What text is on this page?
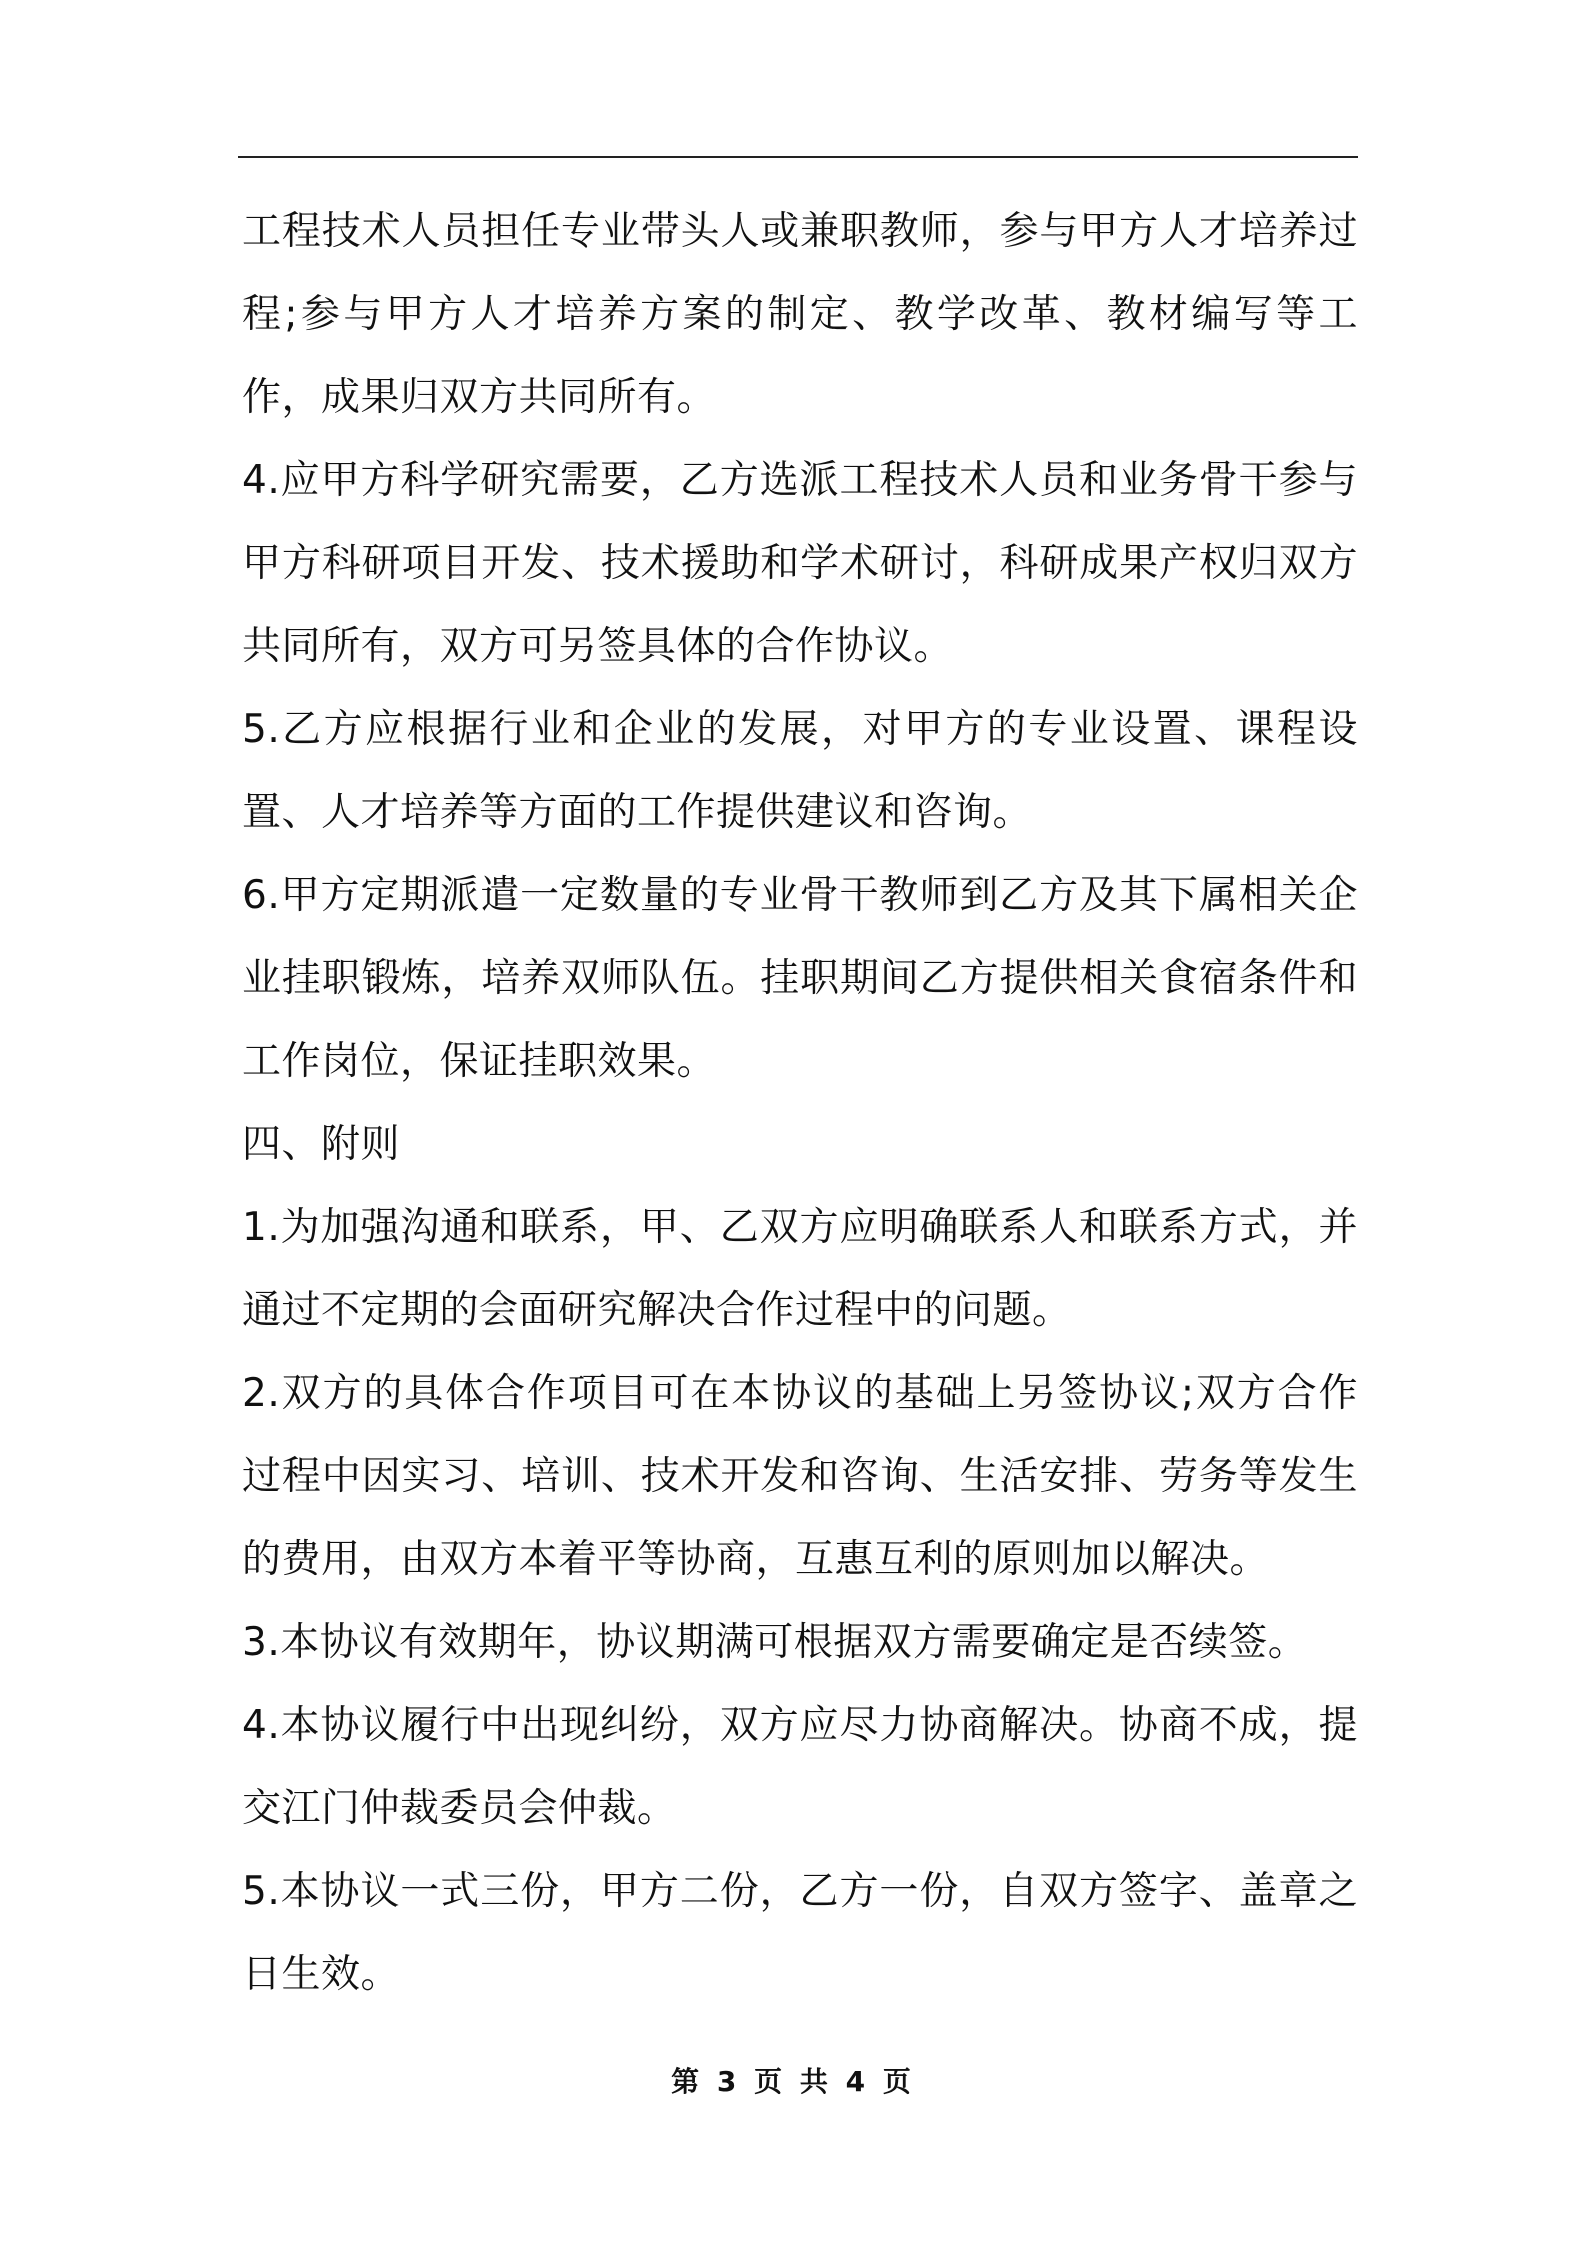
工程技术人员担任专业带头人或兼职教师，参与甲方人才培养过程;参与甲方人才培养方案的制定、教学改革、教材编写等工作，成果归双方共同所有。

4.应甲方科学研究需要，乙方选派工程技术人员和业务骨干参与甲方科研项目开发、技术援助和学术研讨，科研成果产权归双方共同所有，双方可另签具体的合作协议。

5.乙方应根据行业和企业的发展，对甲方的专业设置、课程设置、人才培养等方面的工作提供建议和咨询。

6.甲方定期派遣一定数量的专业骨干教师到乙方及其下属相关企业挂职锻炼，培养双师队伍。挂职期间乙方提供相关食宿条件和工作岗位，保证挂职效果。

四、附则

1.为加强沟通和联系，甲、乙双方应明确联系人和联系方式，并通过不定期的会面研究解决合作过程中的问题。

2.双方的具体合作项目可在本协议的基础上另签协议;双方合作过程中因实习、培训、技术开发和咨询、生活安排、劳务等发生的费用，由双方本着平等协商，互惠互利的原则加以解决。

3.本协议有效期年，协议期满可根据双方需要确定是否续签。

4.本协议履行中出现纠纷，双方应尽力协商解决。协商不成，提交江门仲裁委员会仲裁。

5.本协议一式三份，甲方二份，乙方一份，自双方签字、盖章之日生效。

第 3 页 共 4 页
